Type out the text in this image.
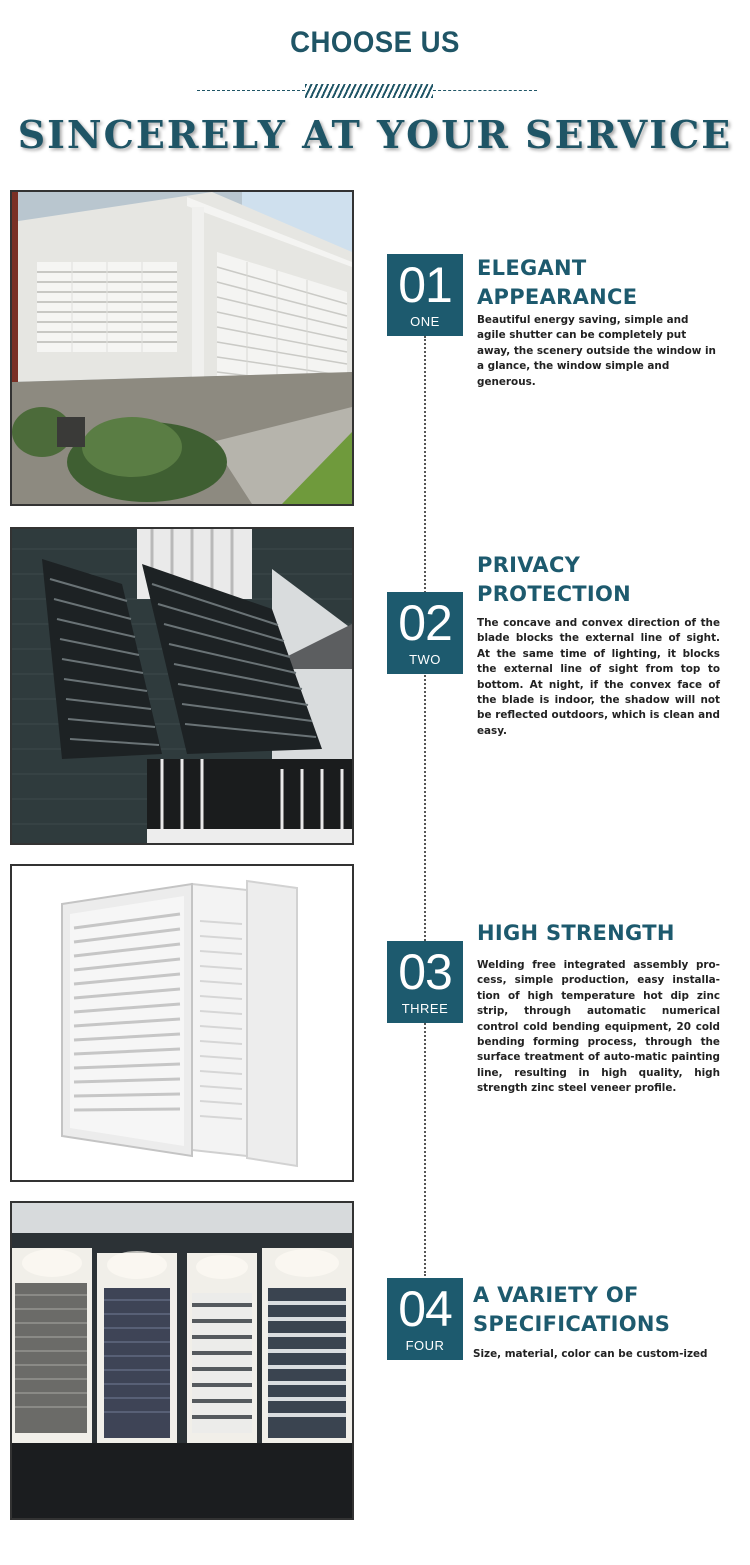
CHOOSE US
SINCERELY AT YOUR SERVICE
01
ONE
ELEGANT
APPEARANCE
Beautiful energy saving, simple and agile shutter can be completely put away, the scenery outside the window in a glance, the window simple and generous.
02
TWO
PRIVACY
PROTECTION
The concave and convex direction of the blade blocks the external line of sight. At the same time of lighting, it blocks the external line of sight from top to bottom. At night, if the convex face of the blade is indoor, the shadow will not be reflected outdoors, which is clean and easy.
03
THREE
HIGH STRENGTH
Welding free integrated assembly pro-cess, simple production, easy installa-tion of high temperature hot dip zinc strip, through automatic numerical control cold bending equipment, 20 cold bending forming process, through the surface treatment of auto-matic painting line, resulting in high quality, high strength zinc steel veneer profile.
04
FOUR
A VARIETY OF
SPECIFICATIONS
Size, material, color can be custom-ized
